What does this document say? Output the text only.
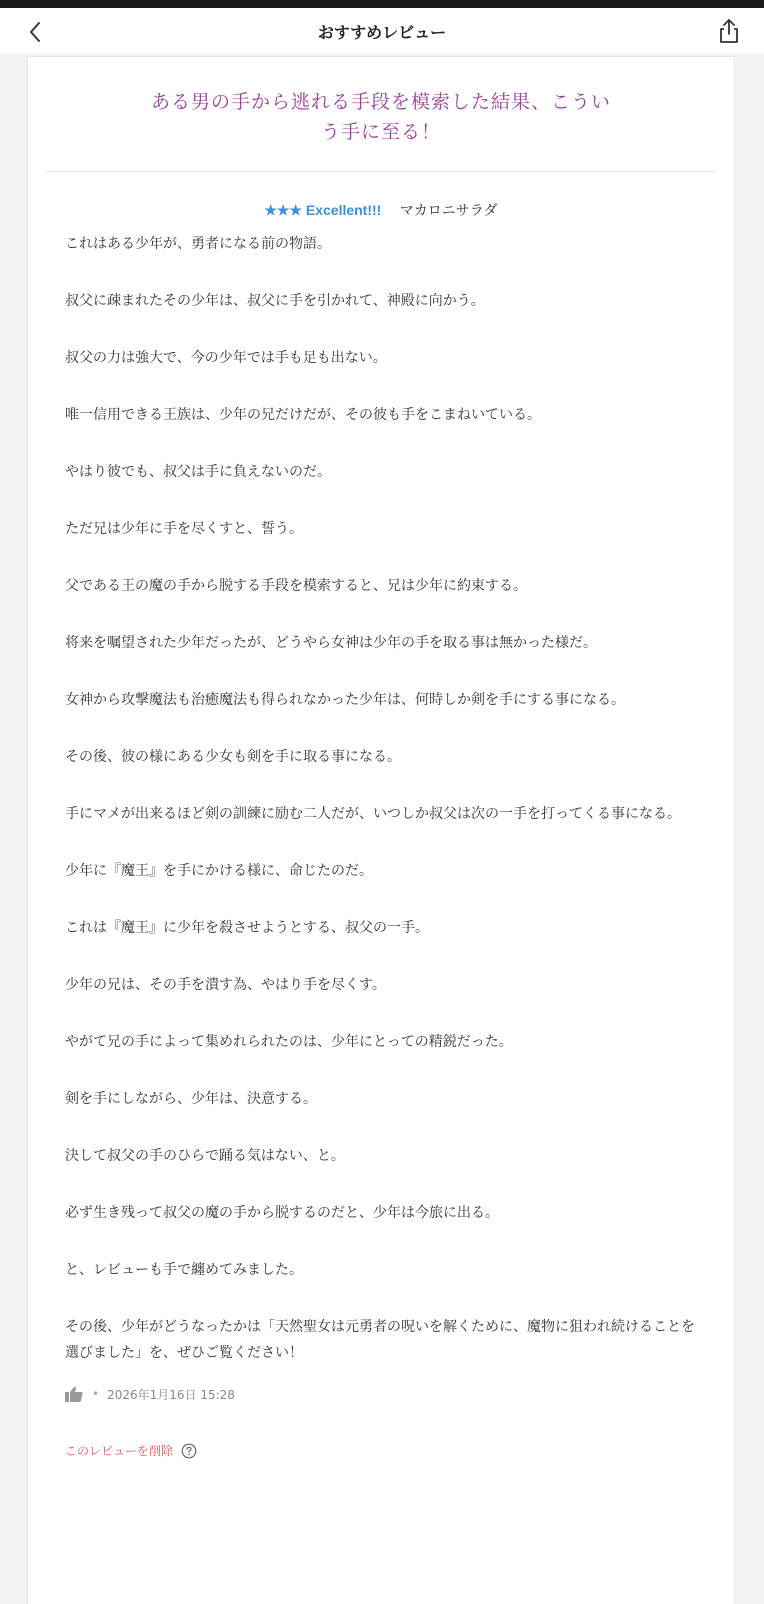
おすすめレビュー
ある男の手から逃れる手段を模索した結果、こうい
う手に至る！
★★★ Excellent!!! マカロニサラダ

これはある少年が、勇者になる前の物語。

叔父に疎まれたその少年は、叔父に手を引かれて、神殿に向かう。

叔父の力は強大で、今の少年では手も足も出ない。

唯一信用できる王族は、少年の兄だけだが、その彼も手をこまねいている。

やはり彼でも、叔父は手に負えないのだ。

ただ兄は少年に手を尽くすと、誓う。

父である王の魔の手から脱する手段を模索すると、兄は少年に約束する。

将来を嘱望された少年だったが、どうやら女神は少年の手を取る事は無かった様だ。

女神から攻撃魔法も治癒魔法も得られなかった少年は、何時しか剣を手にする事になる。

その後、彼の様にある少女も剣を手に取る事になる。

手にマメが出来るほど剣の訓練に励む二人だが、いつしか叔父は次の一手を打ってくる事になる。

少年に『魔王』を手にかける様に、命じたのだ。

これは『魔王』に少年を殺させようとする、叔父の一手。

少年の兄は、その手を潰す為、やはり手を尽くす。

やがて兄の手によって集めれられたのは、少年にとっての精鋭だった。

剣を手にしながら、少年は、決意する。

決して叔父の手のひらで踊る気はない、と。

必ず生き残って叔父の魔の手から脱するのだと、少年は今旅に出る。

と、レビューも手で纏めてみました。

その後、少年がどうなったかは「天然聖女は元勇者の呪いを解くために、魔物に狙われ続けることを選びました」を、ぜひご覧ください！

• 2026年1月16日 15:28
このレビューを削除
